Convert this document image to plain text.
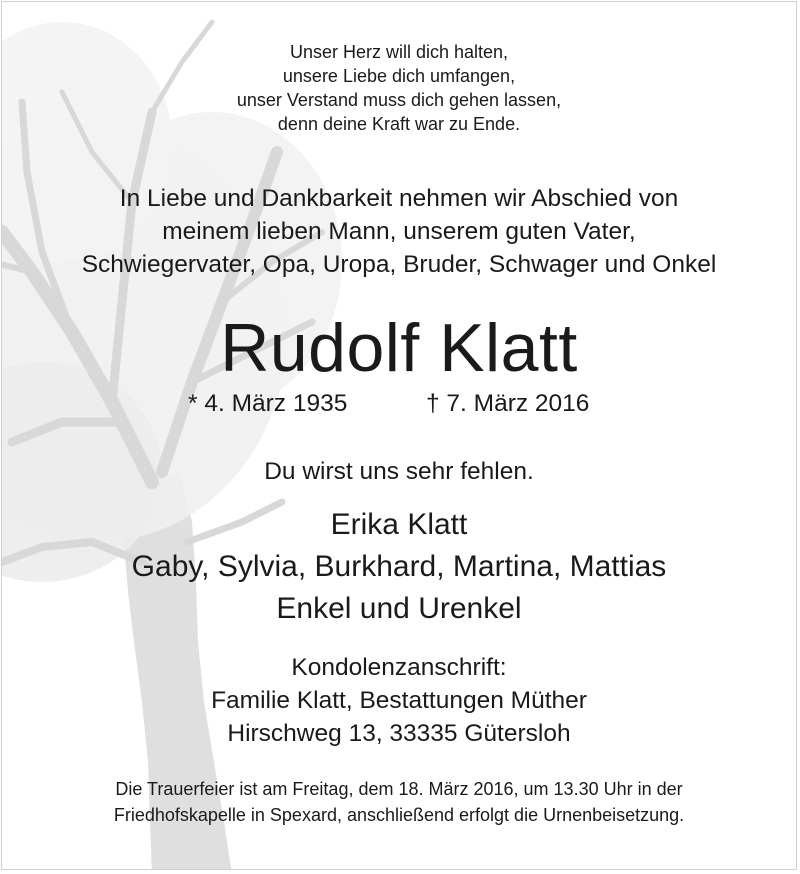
Unser Herz will dich halten,
unsere Liebe dich umfangen,
unser Verstand muss dich gehen lassen,
denn deine Kraft war zu Ende.
In Liebe und Dankbarkeit nehmen wir Abschied von
meinem lieben Mann, unserem guten Vater,
Schwiegervater, Opa, Uropa, Bruder, Schwager und Onkel
Rudolf Klatt
* 4. März 1935	† 7. März 2016
Du wirst uns sehr fehlen.
Erika Klatt
Gaby, Sylvia, Burkhard, Martina, Mattias
Enkel und Urenkel
Kondolenzanschrift:
Familie Klatt, Bestattungen Müther
Hirschweg 13, 33335 Gütersloh
Die Trauerfeier ist am Freitag, dem 18. März 2016, um 13.30 Uhr in der
Friedhofskapelle in Spexard, anschließend erfolgt die Urnenbeisetzung.
